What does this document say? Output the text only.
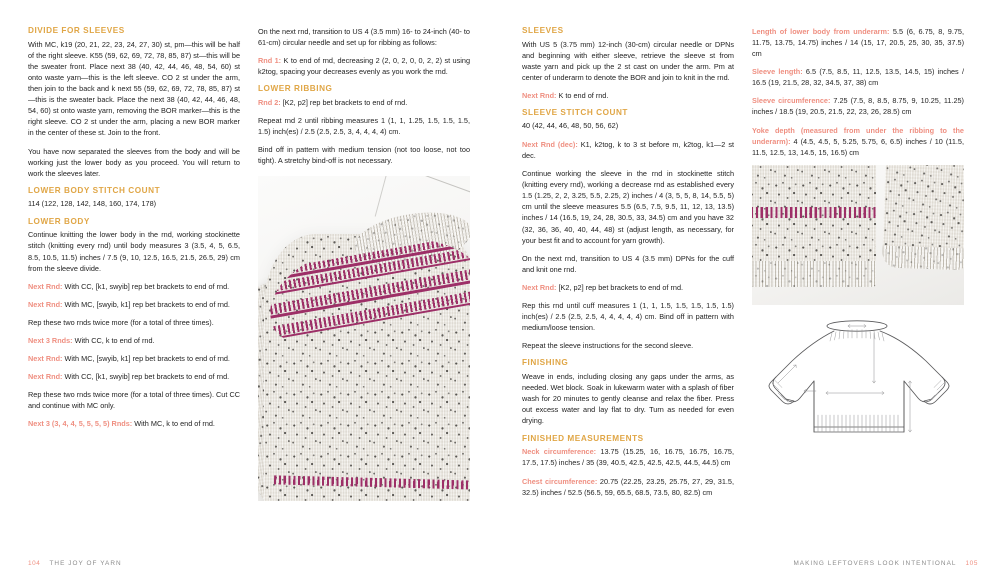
DIVIDE FOR SLEEVES

With MC, k19 (20, 21, 22, 23, 24, 27, 30) st, pm—this will be half of the right sleeve. K55 (59, 62, 69, 72, 78, 85, 87) st—this will be the sweater front. Place next 38 (40, 42, 44, 46, 48, 54, 60) st onto waste yarn—this is the left sleeve. CO 2 st under the arm, then join to the back and k next 55 (59, 62, 69, 72, 78, 85, 87) st—this is the sweater back. Place the next 38 (40, 42, 44, 46, 48, 54, 60) st onto waste yarn, removing the BOR marker—this is the right sleeve. CO 2 st under the arm, placing a new BOR marker in the center of these st. Join to the front.

You have now separated the sleeves from the body and will be working just the lower body as you proceed. You will return to work the sleeves later.

LOWER BODY STITCH COUNT
114 (122, 128, 142, 148, 160, 174, 178)
LOWER BODY

Continue knitting the lower body in the rnd, working stockinette stitch (knitting every rnd) until body measures 3 (3.5, 4, 5, 6.5, 8.5, 10.5, 11.5) inches / 7.5 (9, 10, 12.5, 16.5, 21.5, 26.5, 29) cm from the sleeve divide.

Next Rnd: With CC, [k1, swyib] rep bet brackets to end of rnd.

Next Rnd: With MC, [swyib, k1] rep bet brackets to end of rnd.

Rep these two rnds twice more (for a total of three times).

Next 3 Rnds: With CC, k to end of rnd.

Next Rnd: With MC, [swyib, k1] rep bet brackets to end of rnd.

Next Rnd: With CC, [k1, swyib] rep bet brackets to end of rnd.

Rep these two rnds twice more (for a total of three times). Cut CC and continue with MC only.

Next 3 (3, 4, 4, 5, 5, 5, 5) Rnds: With MC, k to end of rnd.

On the next rnd, transition to US 4 (3.5 mm) 16- to 24-inch (40- to 61-cm) circular needle and set up for ribbing as follows:

Rnd 1: K to end of rnd, decreasing 2 (2, 0, 2, 0, 0, 2, 2) st using k2tog, spacing your decreases evenly as you work the rnd.

LOWER RIBBING

Rnd 2: [K2, p2] rep bet brackets to end of rnd.

Repeat rnd 2 until ribbing measures 1 (1, 1, 1.25, 1.5, 1.5, 1.5, 1.5) inch(es) / 2.5 (2.5, 2.5, 3, 4, 4, 4, 4) cm.

Bind off in pattern with medium tension (not too loose, not too tight). A stretchy bind-off is not necessary.

104 THE JOY OF YARN
SLEEVES

With US 5 (3.75 mm) 12-inch (30-cm) circular needle or DPNs and beginning with either sleeve, retrieve the sleeve st from waste yarn and pick up the 2 st cast on under the arm. Pm at center of underarm to denote the BOR and join to knit in the rnd.

Next Rnd: K to end of rnd.

SLEEVE STITCH COUNT
40 (42, 44, 46, 48, 50, 56, 62)

Next Rnd (dec): K1, k2tog, k to 3 st before m, k2tog, k1—2 st dec.

Continue working the sleeve in the rnd in stockinette stitch (knitting every rnd), working a decrease rnd as established every 1.5 (1.25, 2, 2, 3.25, 5.5, 2.25, 2) inches / 4 (3, 5, 5, 8, 14, 5.5, 5) cm until the sleeve measures 5.5 (6.5, 7.5, 9.5, 11, 12, 13, 13.5) inches / 14 (16.5, 19, 24, 28, 30.5, 33, 34.5) cm and you have 32 (32, 36, 36, 40, 40, 44, 48) st (adjust length, as necessary, for your best fit and to account for yarn growth).

On the next rnd, transition to US 4 (3.5 mm) DPNs for the cuff and knit one rnd.

Next Rnd: [K2, p2] rep bet brackets to end of rnd.

Rep this rnd until cuff measures 1 (1, 1, 1.5, 1.5, 1.5, 1.5, 1.5) inch(es) / 2.5 (2.5, 2.5, 4, 4, 4, 4, 4) cm. Bind off in pattern with medium/loose tension.

Repeat the sleeve instructions for the second sleeve.

FINISHING

Weave in ends, including closing any gaps under the arms, as needed. Wet block. Soak in lukewarm water with a splash of fiber wash for 20 minutes to gently cleanse and relax the fiber. Press out excess water and lay flat to dry. Turn as needed for even drying.

FINISHED MEASUREMENTS
Neck circumference: 13.75 (15.25, 16, 16.75, 16.75, 16.75, 17.5, 17.5) inches / 35 (39, 40.5, 42.5, 42.5, 42.5, 44.5, 44.5) cm
Chest circumference: 20.75 (22.25, 23.25, 25.75, 27, 29, 31.5, 32.5) inches / 52.5 (56.5, 59, 65.5, 68.5, 73.5, 80, 82.5) cm
Length of lower body from underarm: 5.5 (6, 6.75, 8, 9.75, 11.75, 13.75, 14.75) inches / 14 (15, 17, 20.5, 25, 30, 35, 37.5) cm
Sleeve length: 6.5 (7.5, 8.5, 11, 12.5, 13.5, 14.5, 15) inches / 16.5 (19, 21.5, 28, 32, 34.5, 37, 38) cm
Sleeve circumference: 7.25 (7.5, 8, 8.5, 8.75, 9, 10.25, 11.25) inches / 18.5 (19, 20.5, 21.5, 22, 23, 26, 28.5) cm
Yoke depth (measured from under the ribbing to the underarm): 4 (4.5, 4.5, 5, 5.25, 5.75, 6, 6.5) inches / 10 (11.5, 11.5, 12.5, 13, 14.5, 15, 16.5) cm
MAKING LEFTOVERS LOOK INTENTIONAL 105
